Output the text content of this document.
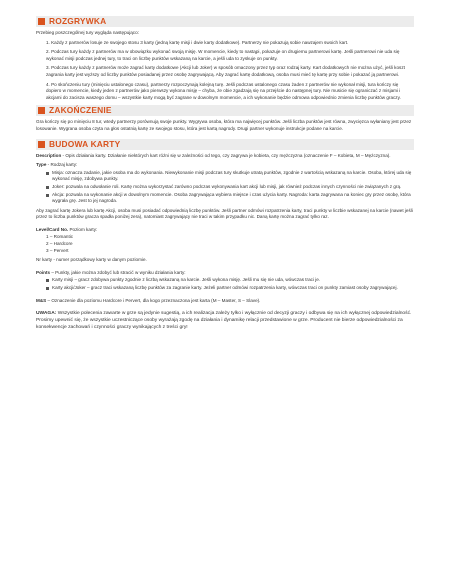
ROZGRYWKA

Przebieg poszczególnej tury wygląda następująco:

1. Każdy z partnerów losuje ze swojego stosu 3 karty (jedną kartę misji i dwie karty dodatkowe). Partnerzy nie pokazują sobie nawzajem swoich kart.
2. Podczas tury każdy z partnerów ma w obowiązku wykonać swoją misję. W momencie, kiedy to nastąpi, pokazuje on drugiemu partnerowi kartę. Jeśli partnerowi nie uda się wykonać misji podczas jednej tury, to traci on liczbę punktów wskazaną na karcie, a jeśli uda to zyskuje on punkty.
3. Podczas tury każdy z partnerów może zagrać karty dodatkowe (Akcji lub Joker) w sposób omaczony przez typ oraz rodzaj karty. Kart dodatkowych nie można użyć, jeśli koszt zagrania karty jest wyższy od liczby punktów posiadanej przez osobę zagrywającą. Aby zagrać kartę dodatkową, osoba musi mieć tę kartę przy sobie i pokazać ją partnerowi.
4. Po skończeniu tury (minięciu ustalonego czasu), partnerzy rozpoczynają kolejną turę. Jeśli podczas ustalonego czasu żaden z partnerów nie wykonał misji, tura kończy się dopiero w momencie, kiedy jeden z partnerów jako pierwszy wykona misję – chyba, że obie zgadzają się na przejście do następnej tury. Nie musicie się ograniczać z misjami i akcjami do zacisza waszego domu – wszystkie karty mogą być zagrane w dowolnym momencie, a ich wykonanie będzie odmowa odpowiednio zmienia liczbę punktów graczy.
ZAKOŃCZENIE

Gra kończy się po minięciu 8 tur, wtedy partnerzy porównują swoje punkty. Wygrywa osoba, która ma najwięcej punktów. Jeśli liczba punktów jest równa, zwycięzca wyłaniany jest przez losowanie. Wygrana osoba czyta na głos ostatnią kartę ze swojego stosu, która jest kartą nagrody. Drugi partner wykonuje instrukcje podane na karcie.

BUDOWA KARTY

Description - Opis działania karty. Działanie niektórych kart różni się w zależności od tego, czy zagrywa je kobieta, czy mężczyzna (oznaczenie F – Kobieta, M – Mężczyzna).

Type - Rodzaj karty:

Misja: oznacza zadanie, jakie osoba ma do wykonania. Niewykonanie misji podczas tury skutkuje utratą punktów, zgodnie z wartością wskazaną na karcie. Osoba, której uda się wykonać misję, zdobywa punkty.
Joker: pozwala na odwołanie roli. Kartę można wykorzystać zarówno podczas wykonywania kart akcji lub misji, jak również podczas innych czynności nie związanych z grą.
Akcja: pozwala na wykonanie akcji w dowolnym momencie. Osoba zagrywająca wybiera miejsce i czas użycia karty. Nagroda: karta zagrywana na koniec gry przez osobę, która wygrała grę. Jest to jej nagroda.

Aby zagrać kartę Jokera lub kartę Akcji, osoba musi posiadać odpowiednią liczbę punktów. Jeśli partner odmówi rozpatrzenia karty, traci punkty w liczbie wskazanej na karcie (nawet jeśli przez to liczba punktów gracza spadła poniżej zera), natomiast zagrywający nie traci w takim przypadku nic. Daną kartę można zagrać tylko raz.

Level/Card No. Poziom karty:

1 – Romantic
2 – Hardcore
3 – Pervert

Nr karty - numer porządkowy karty w danym poziomie.

Points – Punkty, jakie można zdobyć lub stracić w wyniku działania karty:

Karty misji – gracz zdobywa punkty zgodnie z liczbą wskazaną na karcie. Jeśli wykona misję. Jeśli mu się nie uda, wówczas traci je.
Karty akcji/Joker – gracz traci wskazaną liczbę punktów za zagranie karty. Jeżeli partner odmówi rozpatrzenia karty, wówczas traci on punkty zamiast osoby zagrywającej.

M&S – Oznaczenie dla poziomu Hardcore i Pervert, dla kogo przeznaczona jest karta (M – Master, S – Slave).

UWAGA: Wszystkie polecenia zawarte w grze są jedynie sugestią, a ich realizacja zależy tylko i wyłącznie od decyzji graczy i odbywa się na ich wyłącznej odpowiedzialność. Prosimy upewnić się, że wszystkie uczestniczące osoby wyrażają zgodę na działania i dynamikę relacji przedstawione w grze. Producent nie bierze odpowiedzialności za konsekwencje zachowań i czynności graczy wynikających z treści gry!
